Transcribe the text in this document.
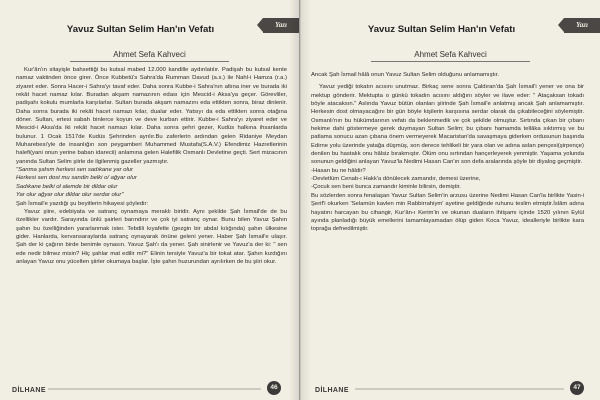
Yazı
Yavuz Sultan Selim Han'ın Vefatı
Ahmet Sefa Kahveci

Kur'ân'ın sitayişle bahsettiği bu kutsal mabed 12.000 kandille aydınlatılır. Padişah bu kutsal kente namaz vaktinden önce girer. Önce Kubbetü's Sahra'da Rumman Davud (a.s.) ile Nahl-i Hamza (r.a.) ziyaret eder. Sonra Hacer-i Sahra'yı tavaf eder. Daha sonra Kubbe-i Sahra'nın altına iner ve burada iki rekât hacet namaz kılar. Buradan akşam namazının edası için Mescid-i Aksa'ya geçer. Görevliler, padişahı kokulu mumlarla karşılarlar. Sultan burada akşam namazını eda ettikten sonra, biraz dinlenir. Daha sonra burada iki rekât hacet namazı kılar, dualar eder. Yatsıyı da eda ettikten sonra otağına döner. Sultan, ertesi sabah binlerce koyun ve deve kurban ettirir. Kubbe-i Sahra'yı ziyaret eder ve Mescid-i Aksa'da iki rekât hacet namazı kılar. Daha sonra şehri gezer, Kudüs halkına ihsanlarda bulunur. 1 Ocak 1517de Kudüs Şehrinden ayrılır.Bu zaferlerin ardından gelen Ridaniye Meydan Muharebesi'yle de insanlığın son peygamberi Muhammed Mustafa(S.A.V.) Efendimiz Hazretlerinin halefi(yani onun yerine baban idarecii) anlamına gelen Halefilik Osmanlı Devletine geçti. Sert mizacının yanında Sultan Selim şiirle de ilgilenmiş gazeller yazmıştır.

"Sanma şahım herkesi sen sadıkane yar olur

Herkesi sen dost mu sandin belki o/ ağyar olur

Sadıkane belki ol alemde bir dildar olur

Yar olur ağyar olur dildar olur serdar olur"

Şah İsmail'e yazdığı şu beyitlerin hikayesi şöyledir:

Yavuz şiire, edebiyata ve satranç oynamaya meraklı biridir. Aynı şekilde Şah İsmail'de de bu özellikler vardır. Sarayında ünlü şairleri barındırır ve çok iyi satranç oynar. Bunu bilen Yavuz Şahın şahın bu özelliğinden yararlanmak ister. Tebdili kıyafetle (gezgin bir abdal kılığında) şahın ülkesine gider. Hanlarda, kervansaraylarda satranç oynayarak önüne geleni yener. Haber Şah İsmail'e ulaşır. Şah der ki çağırın birde benimle oynasın. Yavuz Şah'ı da yener. Şah sinirlenir ve Yavuz'a der ki: " sen ede nedir bilmez misin? Hiç şahlar mat edilir mi?" Elinin tersiyle Yavuz'a bir tokat atar. Şahın kızdığını anlayan Yavuz onu yücelten şiirler okumaya başlar. İşte şahın huzurundan ayrılırken de bu şiiri okur.

DİLHANE	46
Yazı
Yavuz Sultan Selim Han'ın Vefatı
Ahmet Sefa Kahveci

Ancak Şah İsmail hâlâ onun Yavuz Sultan Selim olduğunu anlamamıştır.

Yavuz yediği tokatın acısını unutmaz. Birkaç sene sonra Çaldıran'da Şah İsmail'i yener ve ona bir mektup gönderir. Mektupta o günkü tokadın acısını aldığını söyler ve ilave eder: " Ataçaksan tokadı böyle atacaksın." Aslında Yavuz bütün olanları şiirinde Şah İsmail'e anlatmış ancak Şah anlamamıştır. Herkesin dost olmayacağını bir gün böyle kişilerin karşısına serdar olarak da çıkabileceğini söylemiştir. Osmanlı'nın bu hükümdarının vefatı da beklenmedik ve çok şekilde olmuştur. Sırtında çıkan bir çıbanı hekime dahi göstermeye gerek duymayan Sultan Selim; bu çıbanı hamamda tellâka sıktırmış ve bu patlama sonucu azan çıbana önem vermeyerek Macaristan'da savaşmaya giderken ordusunun başında Edirne yolu üzerinde yatağa düşmüş, son derece tehlikeli bir yara olan ve adına aslan pençesi(şirpençe) denilen bu hastalık onu hâlsiz bırakmıştır. Ölüm onu sırtından hançerleyerek yenmiştir. Yaşama yolunda sonunun geldiğini anlayan Yavuz'la Nedimi Hasan Can'ın son defa aralarında şöyle bir diyalog geçmiştir.

-Hasan bu ne hâldir?

-Devletlüm Cenab-ı Hakk'a dönülecek zamandır, demesi üzerine,

-Çocuk sen beni bunca zamandır kiminle bilirsin, demiştir.

Bu sözlerden sonra fenalaşan Yavuz Sultan Selim'in arzusu üzerine Nedimi Hasan Can'la birlikte Yasin-i Şerif'i okurken 'Selamün kavlen min Rabbirrahiym' ayetine geldiğinde ruhunu teslim etmiştir.İslâm adına hayatını harcayan bu cihangir, Kur'ân-ı Kerim'in ve okunan duaların ihtişamı içinde 1520 yılının Eylül ayında planladığı büyük emellerini tamamlayamadan ölüp giden Koca Yavuz, idealleriyle birlikte kara toprağa defnedilmiştir.

DİLHANE	47
